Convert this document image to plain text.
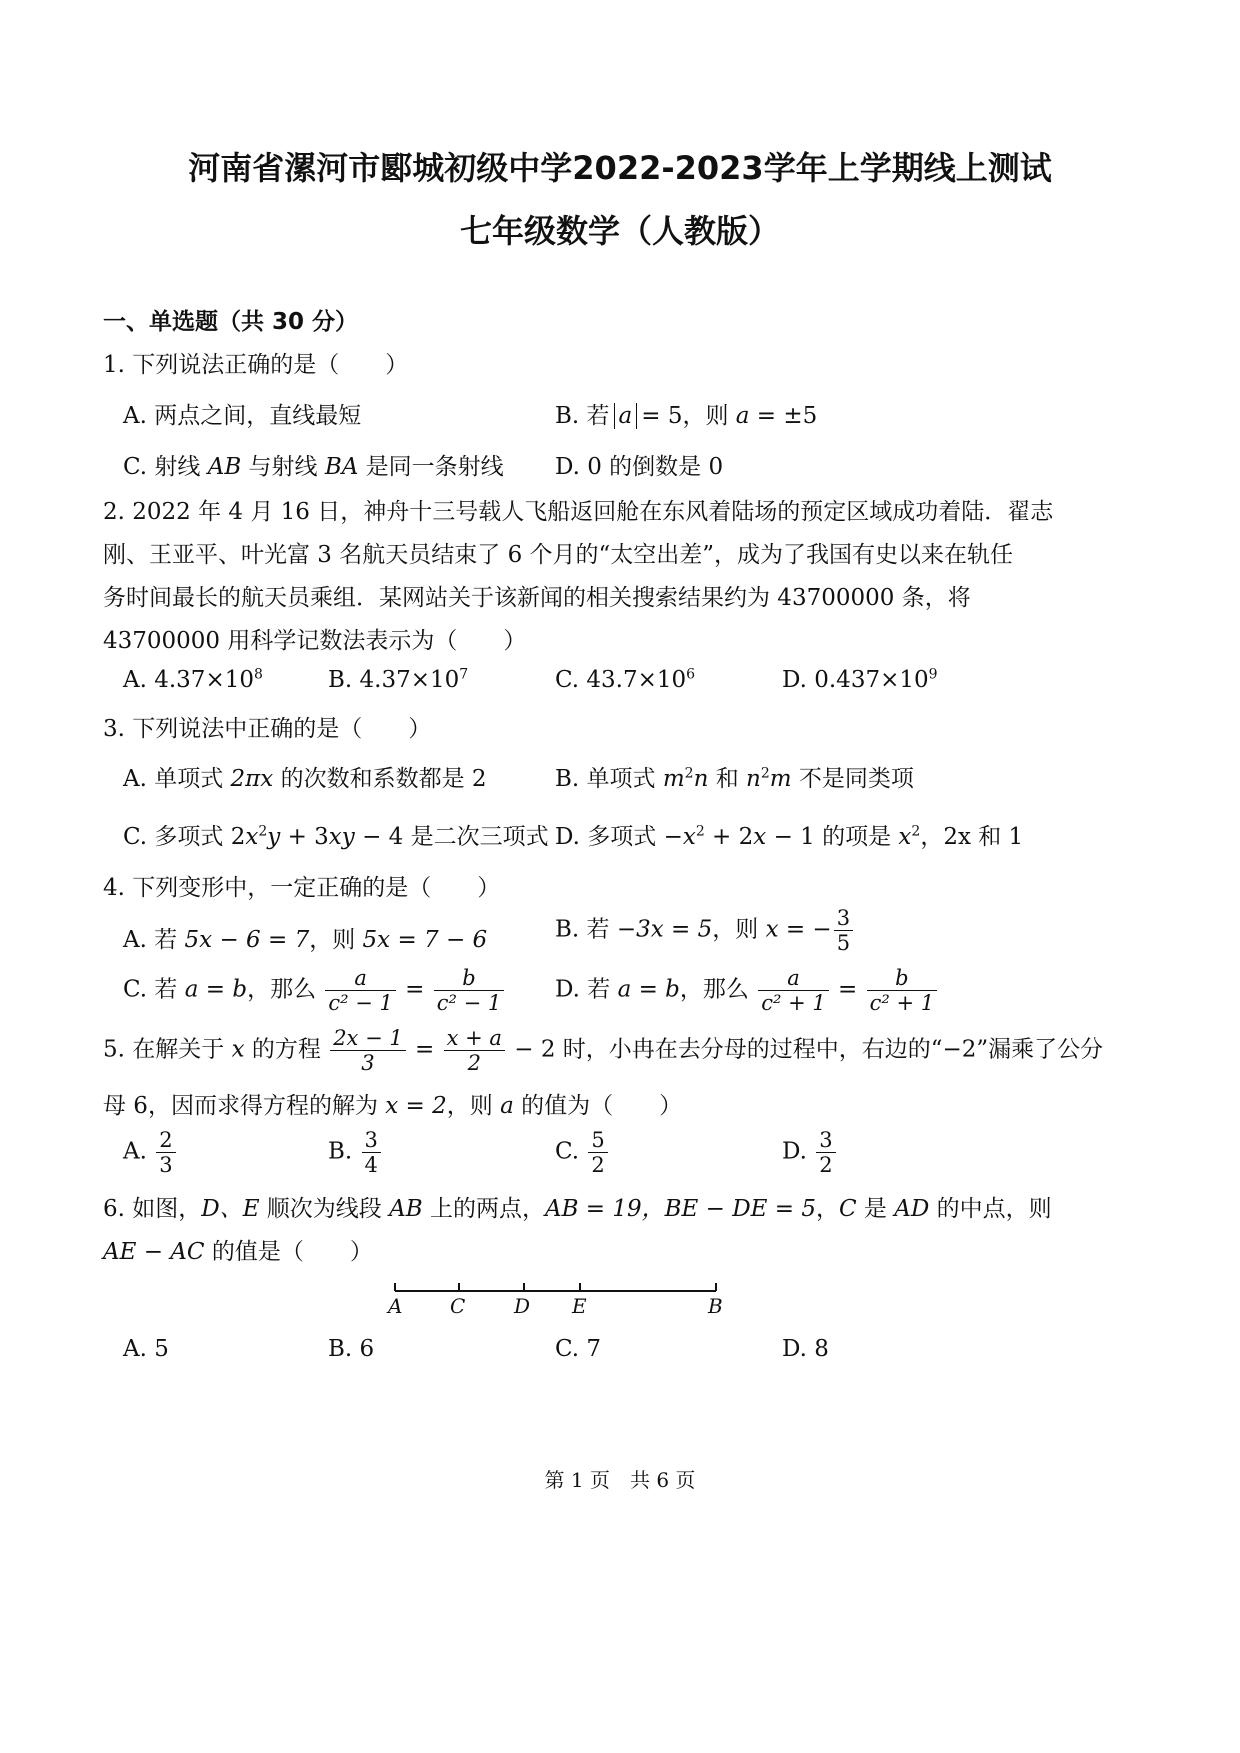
河南省漯河市郾城初级中学2022-2023学年上学期线上测试
七年级数学（人教版）
一、单选题（共 30 分）
1. 下列说法正确的是（　　）
A. 两点之间，直线最短	B. 若 a = 5，则 a = ±5
C. 射线 AB 与射线 BA 是同一条射线 D. 0 的倒数是 0
2. 2022 年 4 月 16 日，神舟十三号载人飞船返回舱在东风着陆场的预定区域成功着陆．翟志
刚、王亚平、叶光富 3 名航天员结束了 6 个月的“太空出差”，成为了我国有史以来在轨任
务时间最长的航天员乘组．某网站关于该新闻的相关搜索结果约为 43700000 条，将
43700000 用科学记数法表示为（　　）
A. $4.37\times 10^8$	B. $4.37\times 10^7$	C. $43.7\times 10^6$	D. $0.437\times 10^9$
3. 下列说法中正确的是（　　）
A. 单项式 2πx 的次数和系数都是 2	B. 单项式 $m^2n$ 和 $n^2m$ 不是同类项
C. 多项式 $2x^2y + 3xy - 4$ 是二次三项式 D. 多项式 $-x^2 + 2x - 1$ 的项是 $x^2$，2x 和 1
4. 下列变形中，一定正确的是（　　）
A. 若 5x − 6 = 7，则 5x = 7 − 6	B. 若 −3x = 5，则 x = − $\frac{3}{5}$
C. 若 a = b，那么 $\frac{a}{\text{c² − 1}} = \frac{b}{\text{c² − 1}} D$. 若 a = b，那么 $\frac{a}{\text{c² + 1}} = \frac{b}{\text{c² + 1}}$
5. 在解关于 x 的方程 $\frac{2x - 1}{3} = \frac{x + a}{2} - 2$ 时，小冉在去分母的过程中，右边的“−2”漏乘了公分
母 6，因而求得方程的解为 x = 2，则 a 的值为（　　）
A. $\frac{2}{3}$	B. $\frac{3}{4}$	C. $\frac{5}{2}$	D. $\frac{3}{2}$
6. 如图，D、E 顺次为线段 AB 上的两点，AB = 19，BE − DE = 5，C 是 AD 的中点，则
AE − AC 的值是（　　）
A C D E	B
A. 5	B. 6	C. 7	D. 8
第 1 页　共 6 页
